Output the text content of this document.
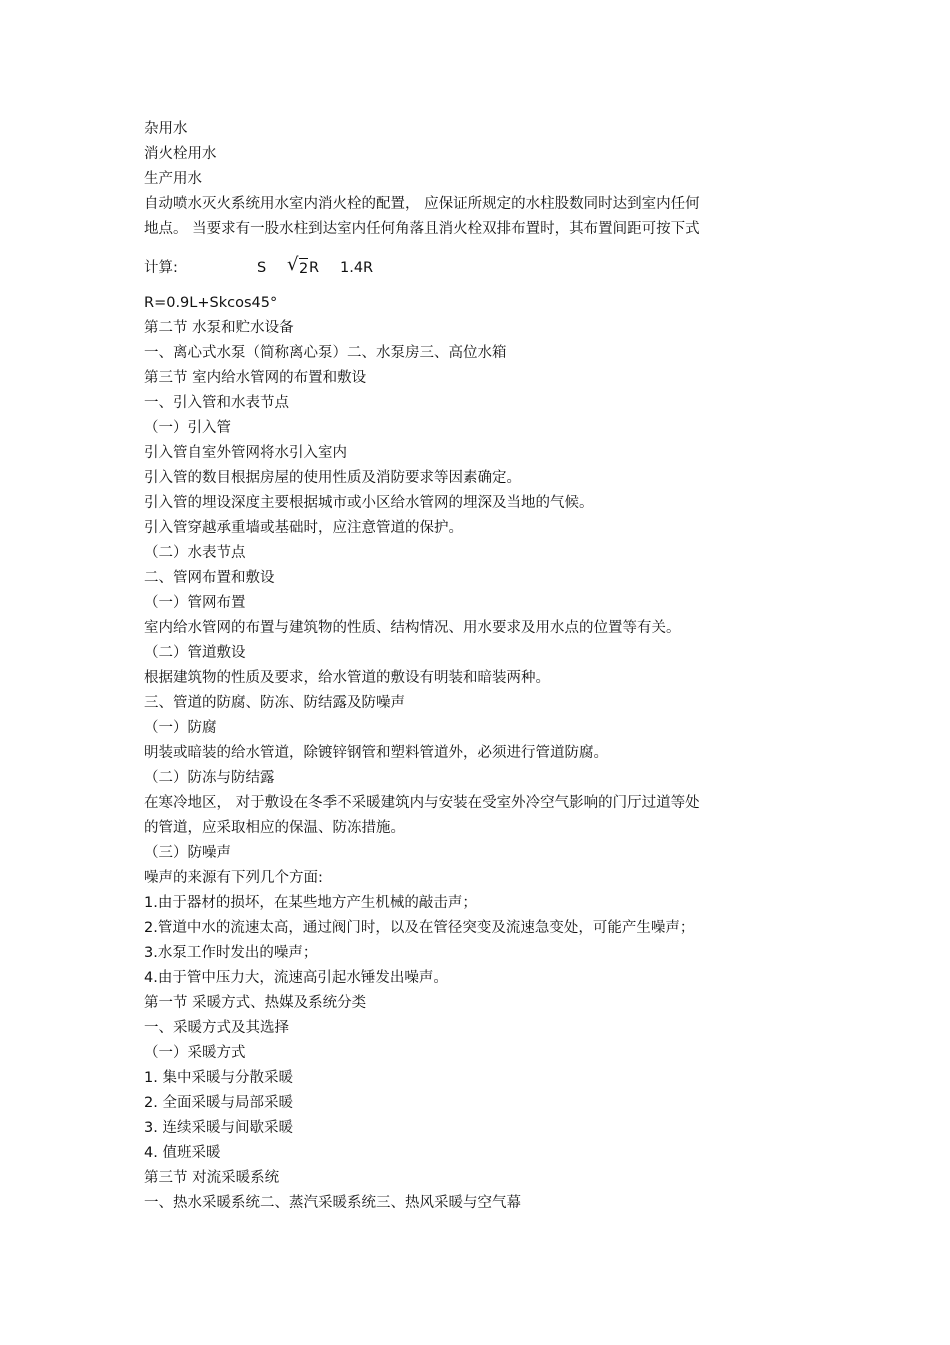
杂用水
消火栓用水
生产用水
自动喷水灭火系统用水室内消火栓的配置， 应保证所规定的水柱股数同时达到室内任何
地点。 当要求有一股水柱到达室内任何角落且消火栓双排布置时，其布置间距可按下式
计算:	S √ 2 R 1.4R
R=0.9L+Skcos45°
第二节 水泵和贮水设备
一、离心式水泵（简称离心泵）二、水泵房三、高位水箱
第三节 室内给水管网的布置和敷设
一、引入管和水表节点
（一）引入管
引入管自室外管网将水引入室内
引入管的数目根据房屋的使用性质及消防要求等因素确定。
引入管的埋设深度主要根据城市或小区给水管网的埋深及当地的气候。
引入管穿越承重墙或基础时，应注意管道的保护。
（二）水表节点
二、管网布置和敷设
（一）管网布置
室内给水管网的布置与建筑物的性质、结构情况、用水要求及用水点的位置等有关。
（二）管道敷设
根据建筑物的性质及要求，给水管道的敷设有明装和暗装两种。
三、管道的防腐、防冻、防结露及防噪声
（一）防腐
明装或暗装的给水管道，除镀锌钢管和塑料管道外，必须进行管道防腐。
（二）防冻与防结露
在寒冷地区， 对于敷设在冬季不采暖建筑内与安装在受室外冷空气影响的门厅过道等处
的管道，应采取相应的保温、防冻措施。
（三）防噪声
噪声的来源有下列几个方面:
1.由于器材的损坏，在某些地方产生机械的敲击声；
2.管道中水的流速太高，通过阀门时，以及在管径突变及流速急变处，可能产生噪声；
3.水泵工作时发出的噪声；
4.由于管中压力大，流速高引起水锤发出噪声。
第一节 采暖方式、热媒及系统分类
一、采暖方式及其选择
（一）采暖方式
1. 集中采暖与分散采暖
2. 全面采暖与局部采暖
3. 连续采暖与间歇采暖
4. 值班采暖
第三节 对流采暖系统
一、热水采暖系统二、蒸汽采暖系统三、热风采暖与空气幕
